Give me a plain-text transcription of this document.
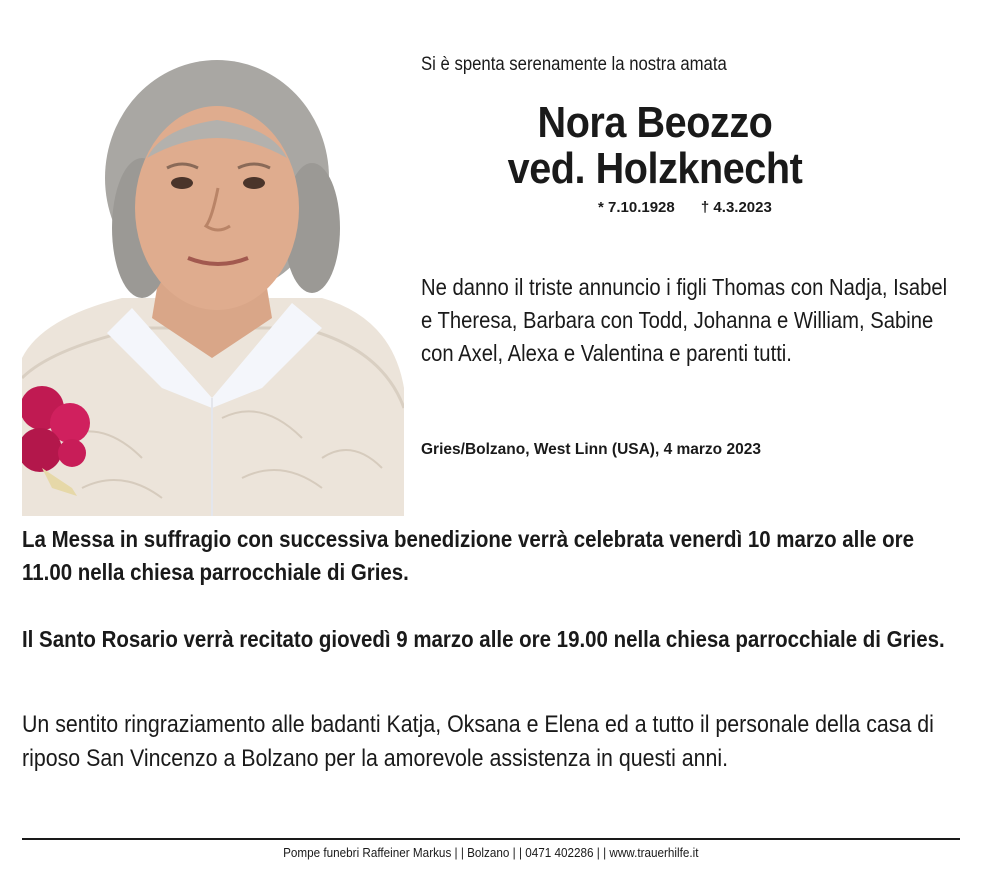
Si è spenta serenamente la nostra amata
Nora Beozzo
ved. Holzknecht
* 7.10.1928 † 4.3.2023
Ne danno il triste annuncio i figli Thomas con Nadja, Isabel e Theresa, Barbara con Todd, Johanna e William, Sabine con Axel, Alexa e Valentina e parenti tutti.
Gries/Bolzano, West Linn (USA), 4 marzo 2023
La Messa in suffragio con successiva benedizione verrà celebrata venerdì 10 marzo alle ore 11.00 nella chiesa parrocchiale di Gries.
Il Santo Rosario verrà recitato giovedì 9 marzo alle ore 19.00 nella chiesa parrocchiale di Gries.
Un sentito ringraziamento alle badanti Katja, Oksana e Elena ed a tutto il personale della casa di riposo San Vincenzo a Bolzano per la amorevole assistenza in questi anni.
Pompe funebri Raffeiner Markus | | Bolzano | | 0471 402286 | | www.trauerhilfe.it
